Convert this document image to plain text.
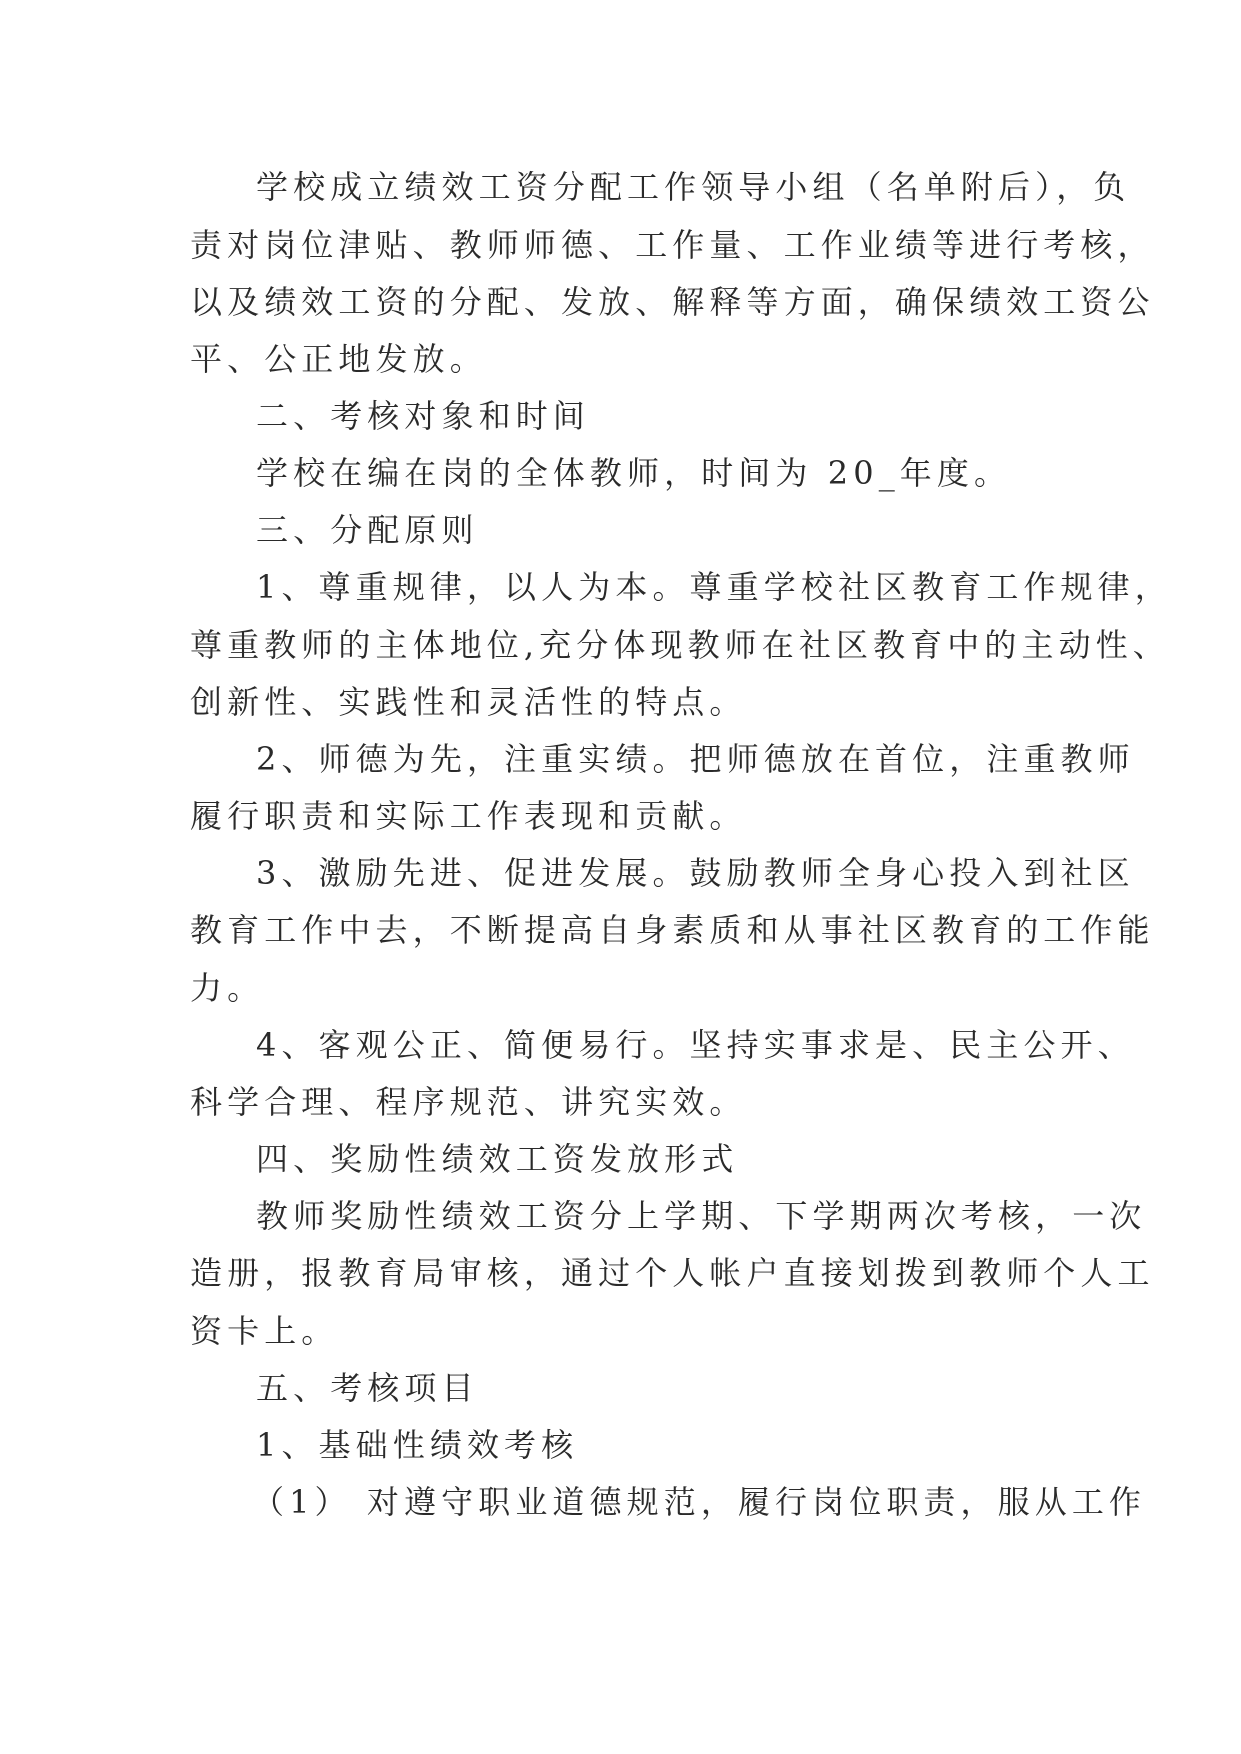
学校成立绩效工资分配工作领导小组（名单附后），负
责对岗位津贴、教师师德、工作量、工作业绩等进行考核，
以及绩效工资的分配、发放、解释等方面，确保绩效工资公
平、公正地发放。
二、考核对象和时间
学校在编在岗的全体教师，时间为 20_年度。
三、分配原则
1、尊重规律，以人为本。尊重学校社区教育工作规律，
尊重教师的主体地位,充分体现教师在社区教育中的主动性、
创新性、实践性和灵活性的特点。
2、师德为先，注重实绩。把师德放在首位，注重教师
履行职责和实际工作表现和贡献。
3、激励先进、促进发展。鼓励教师全身心投入到社区
教育工作中去，不断提高自身素质和从事社区教育的工作能
力。
4、客观公正、简便易行。坚持实事求是、民主公开、
科学合理、程序规范、讲究实效。
四、奖励性绩效工资发放形式
教师奖励性绩效工资分上学期、下学期两次考核，一次
造册，报教育局审核，通过个人帐户直接划拨到教师个人工
资卡上。
五、考核项目
1、基础性绩效考核
（1） 对遵守职业道德规范，履行岗位职责，服从工作
